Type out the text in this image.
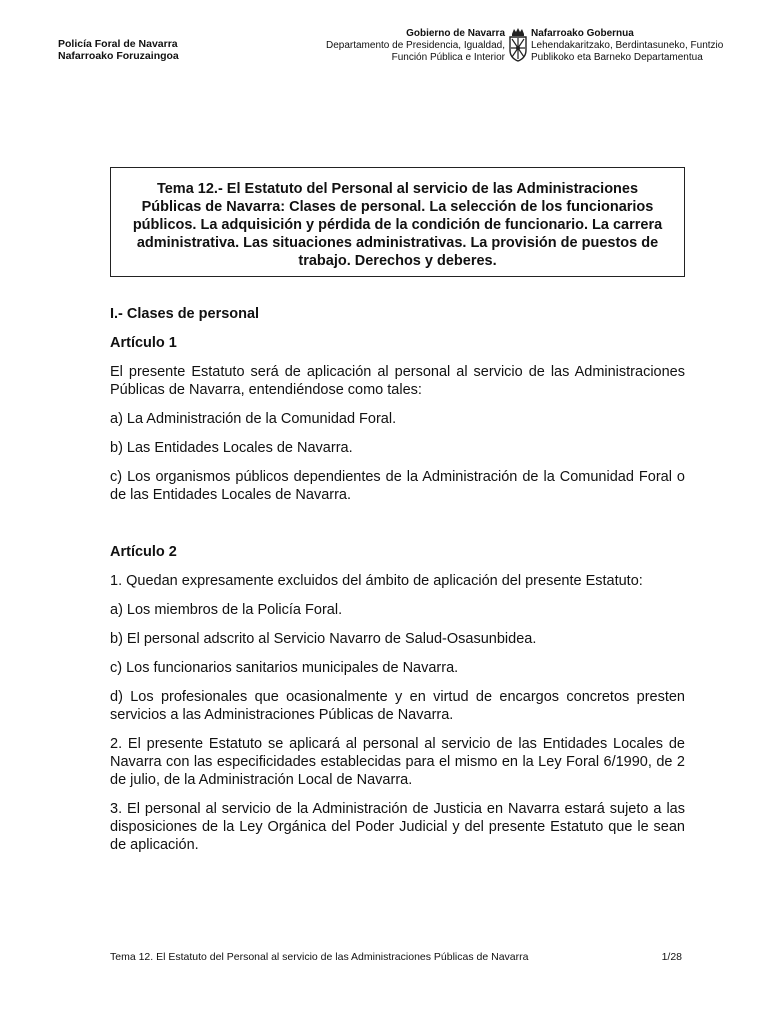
Policía Foral de Navarra
Nafarroako Foruzaingoa
Gobierno de Navarra
Departamento de Presidencia, Igualdad,
Función Pública e Interior
Nafarroako Gobernua
Lehendakaritzako, Berdintasuneko, Funtzio
Publikoko eta Barneko Departamentua
Tema 12.- El Estatuto del Personal al servicio de las Administraciones Públicas de Navarra: Clases de personal. La selección de los funcionarios públicos. La adquisición y pérdida de la condición de funcionario. La carrera administrativa. Las situaciones administrativas. La provisión de puestos de trabajo. Derechos y deberes.
I.- Clases de personal
Artículo 1

El presente Estatuto será de aplicación al personal al servicio de las Administraciones Públicas de Navarra, entendiéndose como tales:

a) La Administración de la Comunidad Foral.

b) Las Entidades Locales de Navarra.

c) Los organismos públicos dependientes de la Administración de la Comunidad Foral o de las Entidades Locales de Navarra.

Artículo 2

1. Quedan expresamente excluidos del ámbito de aplicación del presente Estatuto:

a) Los miembros de la Policía Foral.

b) El personal adscrito al Servicio Navarro de Salud-Osasunbidea.

c) Los funcionarios sanitarios municipales de Navarra.

d) Los profesionales que ocasionalmente y en virtud de encargos concretos presten servicios a las Administraciones Públicas de Navarra.

2. El presente Estatuto se aplicará al personal al servicio de las Entidades Locales de Navarra con las especificidades establecidas para el mismo en la Ley Foral 6/1990, de 2 de julio, de la Administración Local de Navarra.

3. El personal al servicio de la Administración de Justicia en Navarra estará sujeto a las disposiciones de la Ley Orgánica del Poder Judicial y del presente Estatuto que le sean de aplicación.

Tema 12. El Estatuto del Personal al servicio de las Administraciones Públicas de Navarra	1/28
